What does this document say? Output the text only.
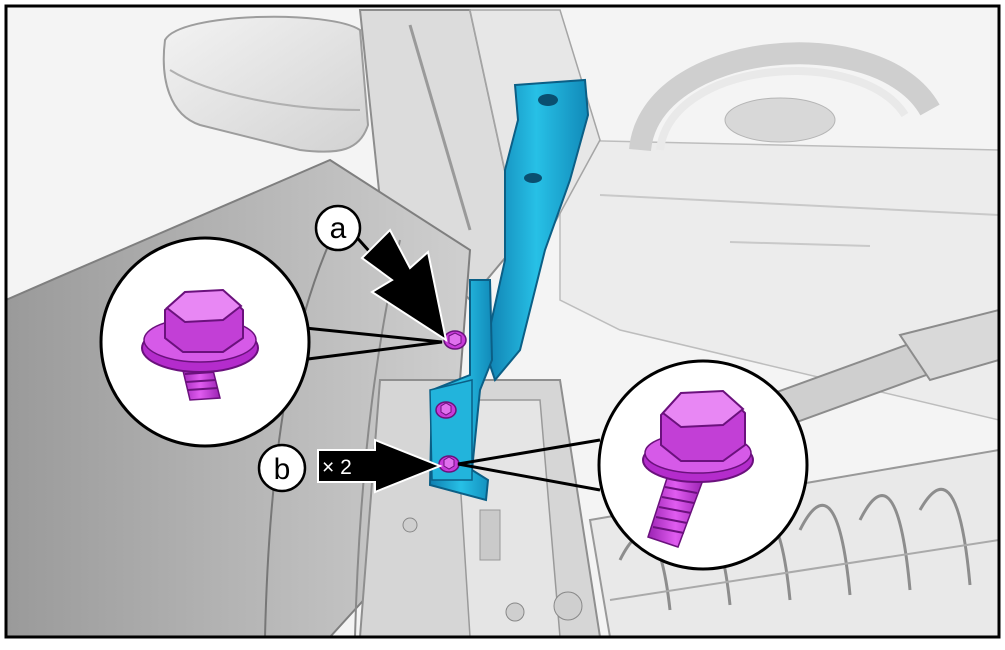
a
× 2
b
